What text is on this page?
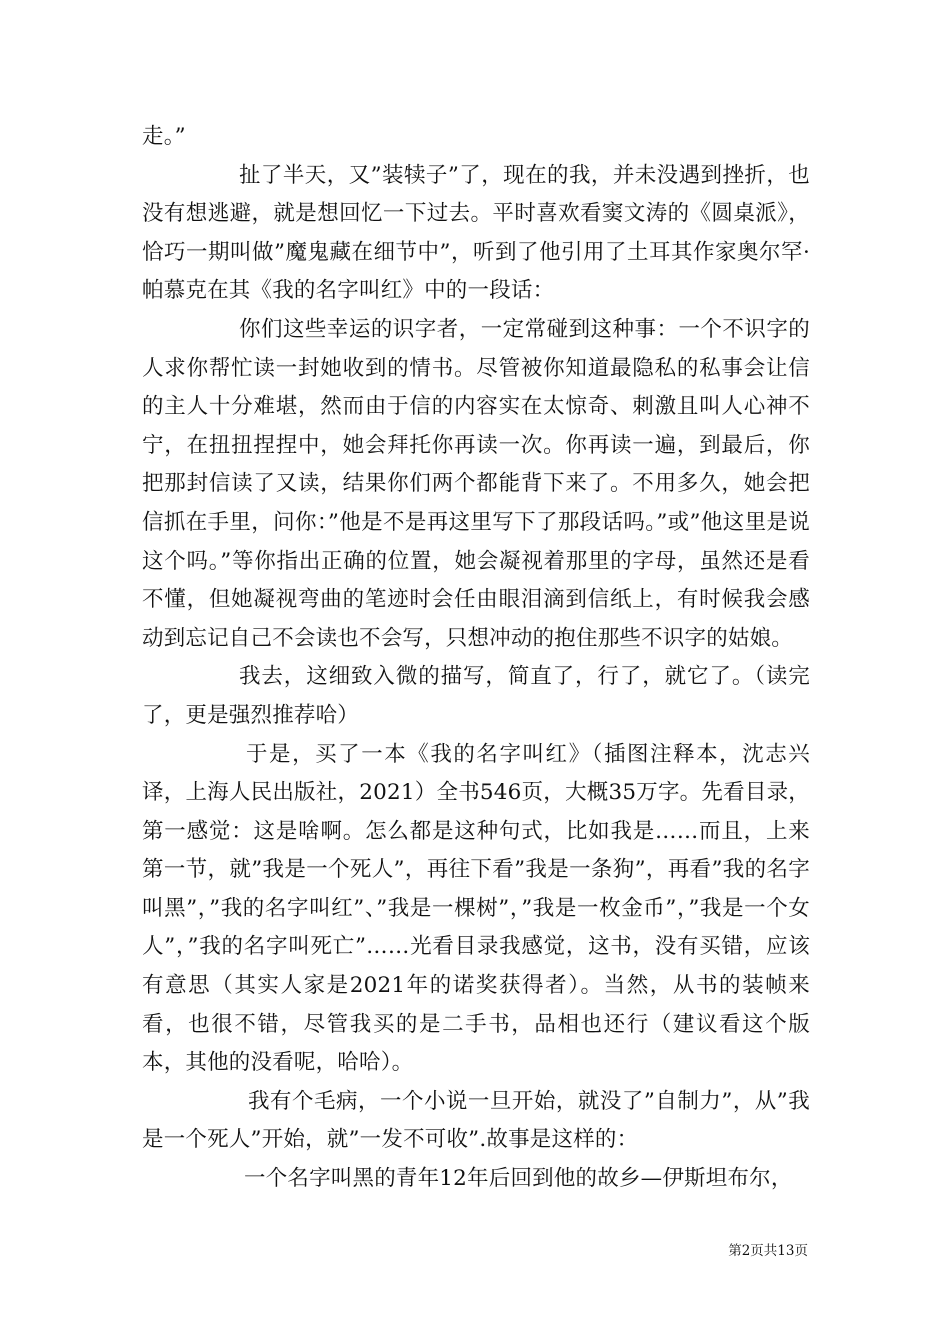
走。”

扯了半天，又”装犊子”了，现在的我，并未没遇到挫折，也没有想逃避，就是想回忆一下过去。平时喜欢看窦文涛的《圆桌派》，恰巧一期叫做”魔鬼藏在细节中”，听到了他引用了土耳其作家奥尔罕·帕慕克在其《我的名字叫红》中的一段话：

你们这些幸运的识字者，一定常碰到这种事：一个不识字的人求你帮忙读一封她收到的情书。尽管被你知道最隐私的私事会让信的主人十分难堪，然而由于信的内容实在太惊奇、刺激且叫人心神不宁，在扭扭捏捏中，她会拜托你再读一次。你再读一遍，到最后，你把那封信读了又读，结果你们两个都能背下来了。不用多久，她会把信抓在手里，问你：”他是不是再这里写下了那段话吗。”或”他这里是说这个吗。”等你指出正确的位置，她会凝视着那里的字母，虽然还是看不懂，但她凝视弯曲的笔迹时会任由眼泪滴到信纸上，有时候我会感动到忘记自己不会读也不会写，只想冲动的抱住那些不识字的姑娘。

我去，这细致入微的描写，简直了，行了，就它了。（读完了，更是强烈推荐哈）

于是，买了一本《我的名字叫红》（插图注释本，沈志兴译，上海人民出版社，2021）全书546页，大概35万字。先看目录，第一感觉：这是啥啊。怎么都是这种句式，比如我是……而且，上来第一节，就”我是一个死人”，再往下看”我是一条狗”，再看”我的名字叫黑”，”我的名字叫红”、”我是一棵树”，”我是一枚金币”，”我是一个女人”，”我的名字叫死亡”……光看目录我感觉，这书，没有买错，应该有意思（其实人家是2021年的诺奖获得者）。当然，从书的装帧来看，也很不错，尽管我买的是二手书，品相也还行（建议看这个版本，其他的没看呢，哈哈）。

我有个毛病，一个小说一旦开始，就没了”自制力”，从”我是一个死人”开始，就”一发不可收”.故事是这样的：

一个名字叫黑的青年12年后回到他的故乡—伊斯坦布尔，

第2页共13页
